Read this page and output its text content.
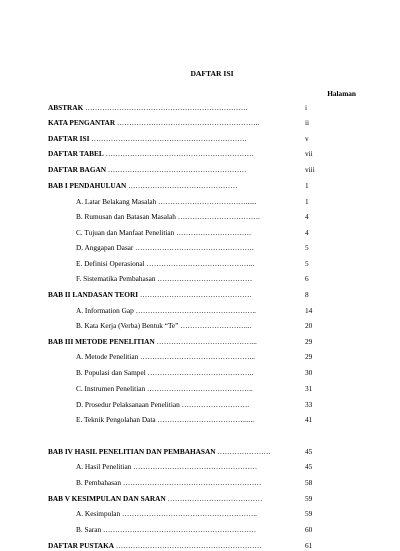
DAFTAR ISI
Halaman
ABSTRAK ………………………………………………………….	i
KATA PENGANTAR …………………………………………………..	ii
DAFTAR ISI ……………………………………………………….	v
DAFTAR TABEL …………………………………………………….	vii
DAFTAR BAGAN …………………………………………………	viii
BAB I PENDAHULUAN ………………………………………	1
A. Latar Belakang Masalah ………………………………......	1
B. Rumusan dan Batasan Masalah …………………………….	4
C. Tujuan dan Manfaat Penelitian ………………………….	4
D. Anggapan Dasar ………………………………………….	5
E. Definisi Operasional ……………………………………...	5
F. Sistematika Pembahasan …………………………………	6
BAB II LANDASAN TEORI ……………………………………….	8
A. Information Gap …………………………………………..	14
B. Kata Kerja (Verba) Bentuk “Te” ………………………...	20
BAB III METODE PENELITIAN …………………………………...	29
A. Metode Penelitian ………………………………………...	29
B. Populasi dan Sampel ……………………………………..	30
C. Instrumen Penelitian ……………………………………..	31
D. Prosedur Pelaksanaan Penelitian ……………………….	33
E. Teknik Pengolahan Data ……………………………….....	41
BAB IV HASIL PENELITIAN DAN PEMBAHASAN ………………….	45
A. Hasil Penelitian ……………………………………………	45
B. Pembahasan …………………………………………………	58
BAB V KESIMPULAN DAN SARAN …………………………………	59
A. Kesimpulan ………………………………………………..	59
B. Saran ………………………………………………………	60
DAFTAR PUSTAKA ……………………………………………………	61
